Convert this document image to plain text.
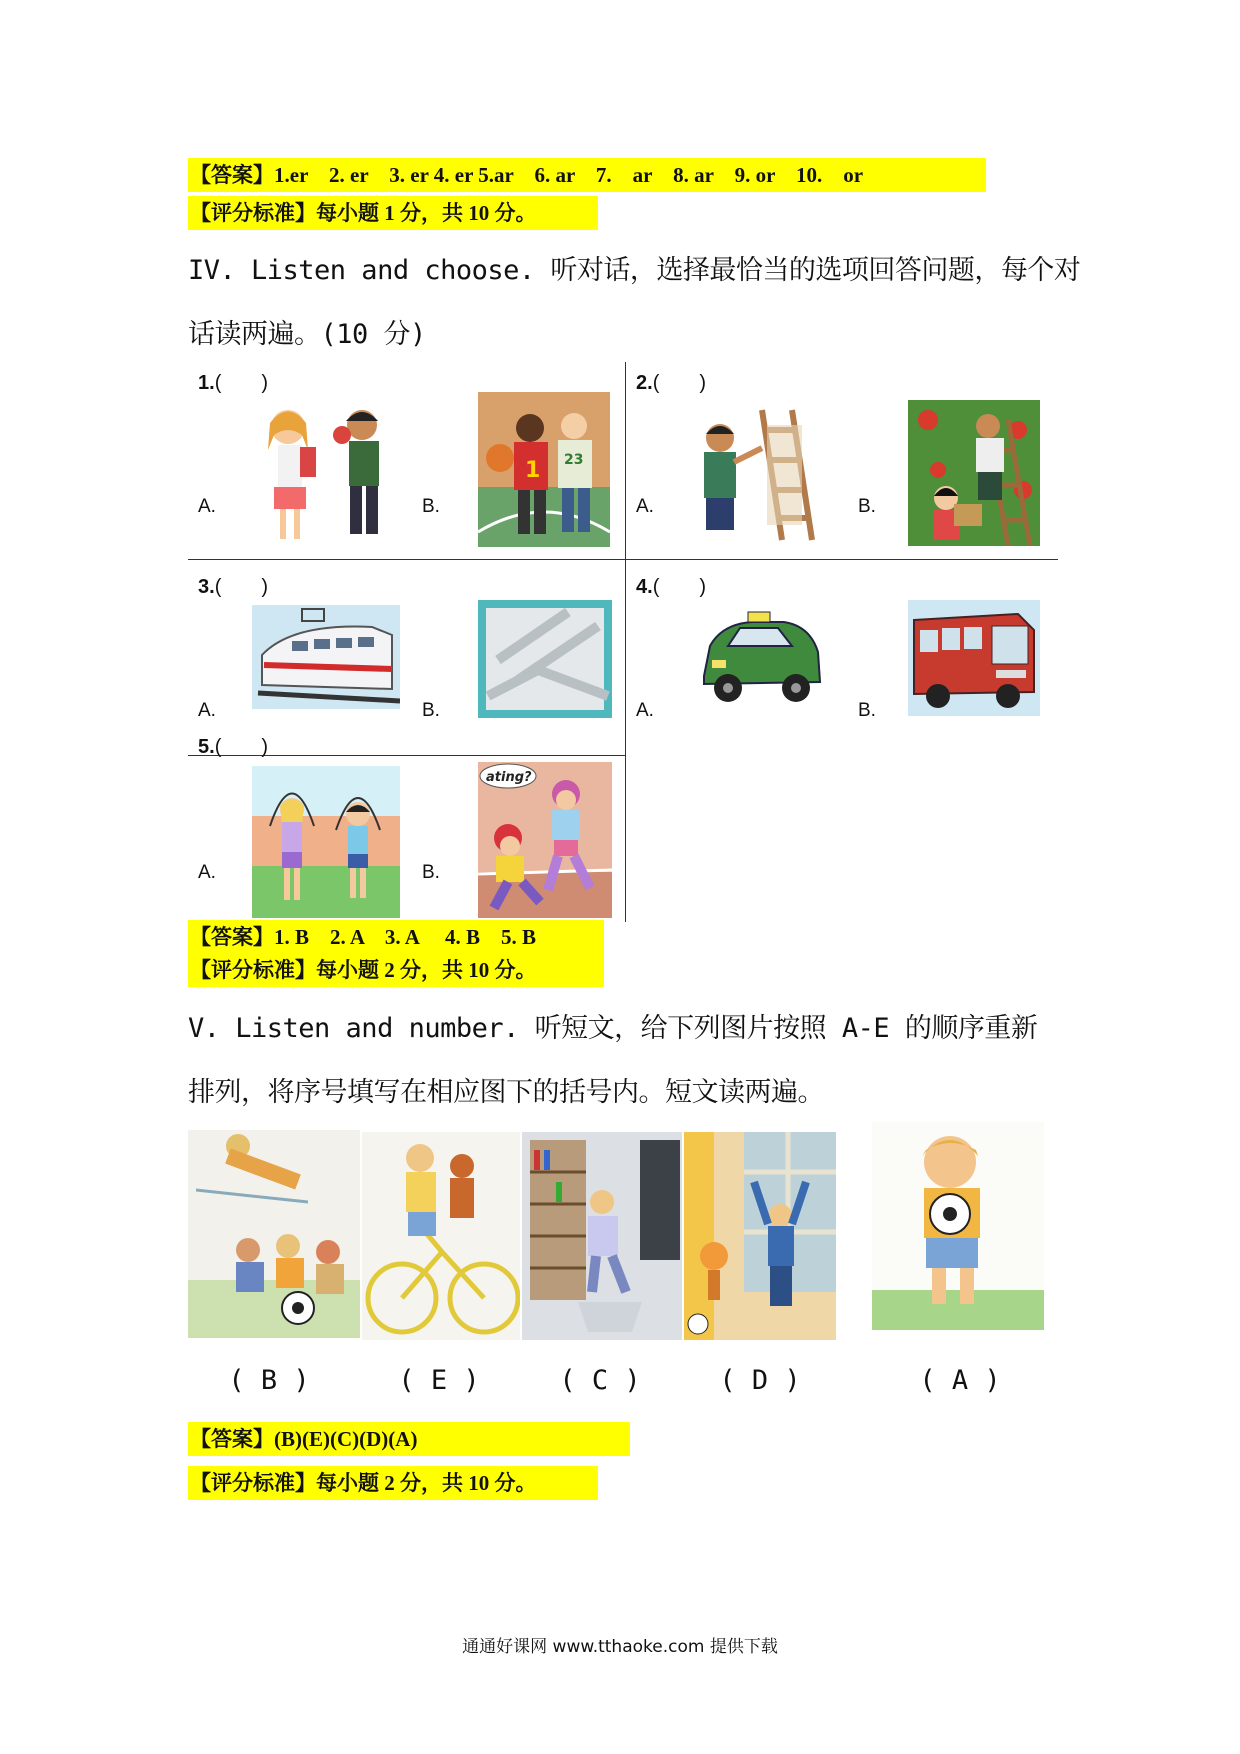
【答案】1.er　2. er　3. er 4. er 5.ar　6. ar　7.　ar　8. ar　9. or　10.　or
【评分标准】每小题 1 分，共 10 分。
IV. Listen and choose. 听对话，选择最恰当的选项回答问题，每个对
话读两遍。(10 分)
1.(　　)
A.	B.
1 23
2.(　　)
A.	B.
3.(　　)
A.	B.
4.(　　)
A.	B.
5.(　　)
A.	B.
ating?
【答案】1. B　2. A　3. A　 4. B　5. B
【评分标准】每小题 2 分，共 10 分。
V. Listen and number. 听短文，给下列图片按照 A-E 的顺序重新
排列，将序号填写在相应图下的括号内。短文读两遍。
( B )	( E )	( C )	( D )	( A )
【答案】(B)(E)(C)(D)(A)
【评分标准】每小题 2 分，共 10 分。
通通好课网 www.tthaoke.com 提供下载
